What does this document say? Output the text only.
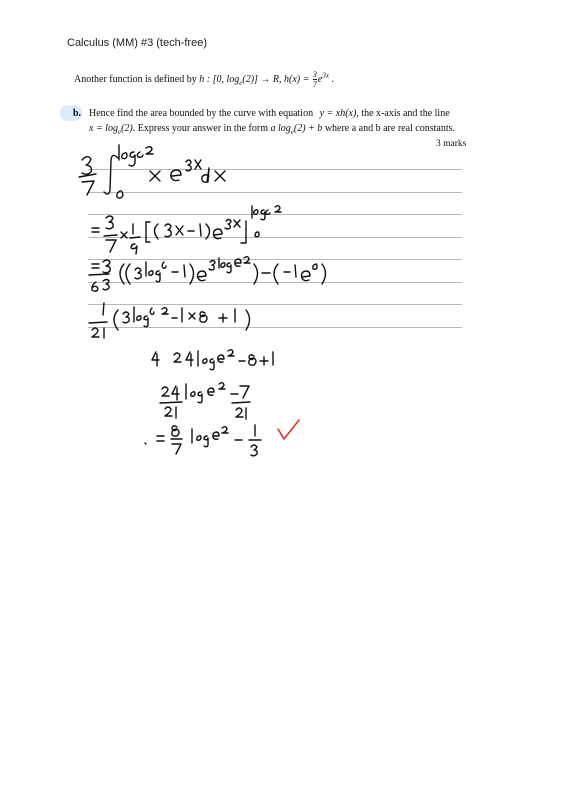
Calculus (MM) #3 (tech-free)
Another function is defined by h : [0, $\log_e(2)] \to R$, $h(x) = \frac{3}{7} e^{3x}$ .
b. Hence find the area bounded by the curve with equation y = xh(x), the x-axis and the line
$x = \log_e(2)$. Express your answer in the form a $\log_e(2) + b$ where a and b are real constants.
3 marks
